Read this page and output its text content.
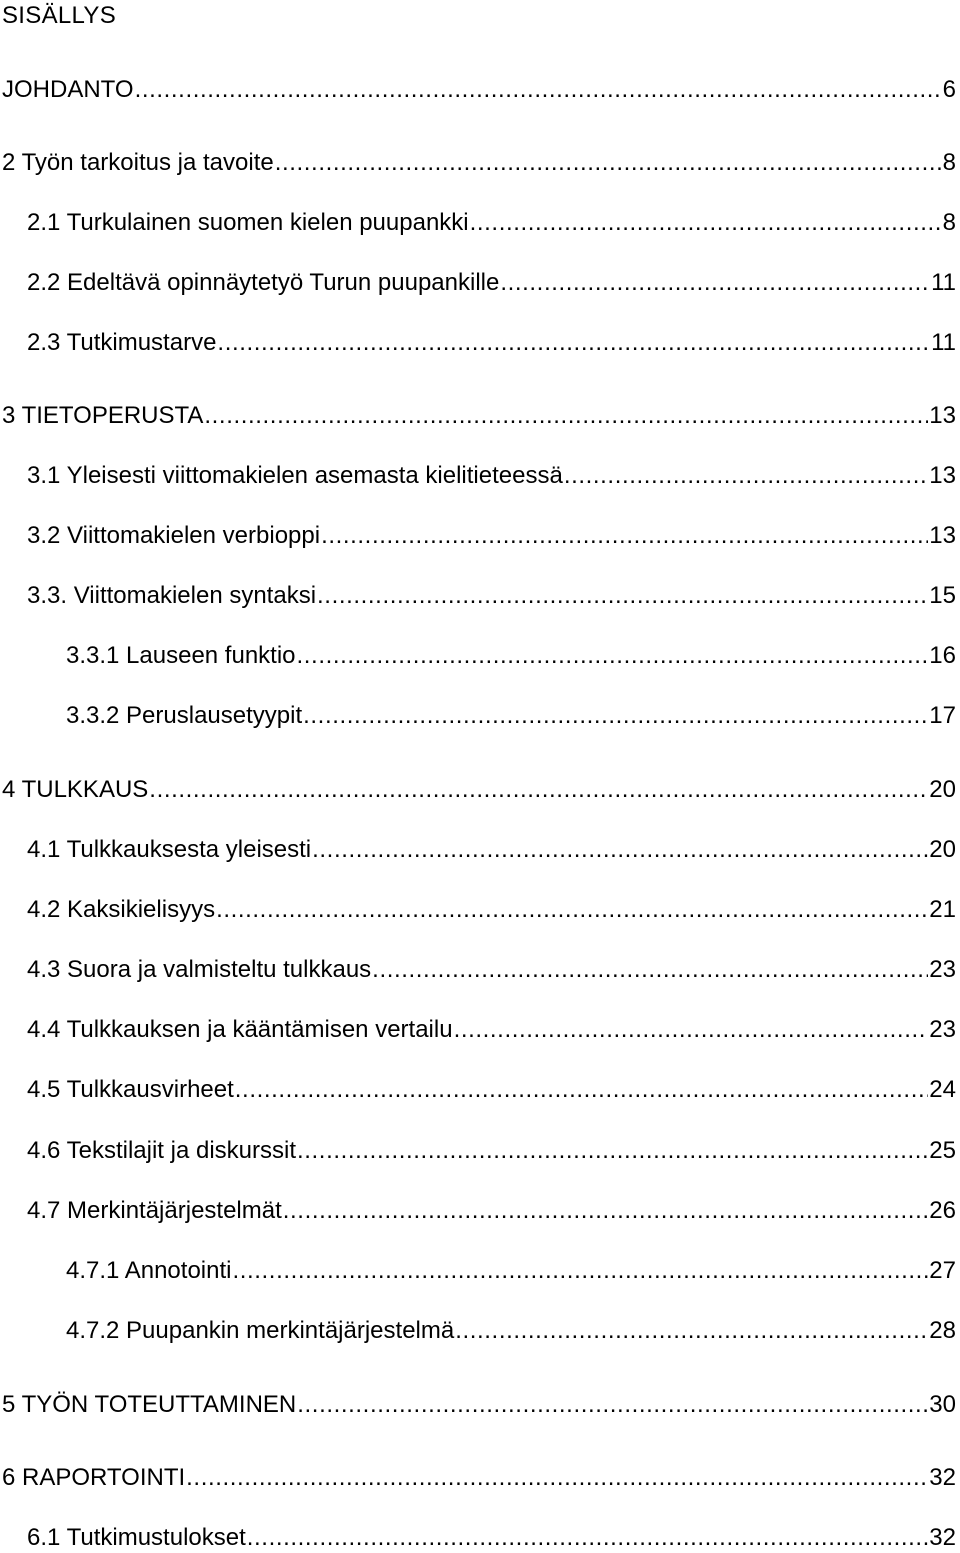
SISÄLLYS
JOHDANTO .....	6
2 Työn tarkoitus ja tavoite .....	8
2.1 Turkulainen suomen kielen puupankki .....	8
2.2 Edeltävä opinnäytetyö Turun puupankille .....	11
2.3 Tutkimustarve .....	11
3 TIETOPERUSTA .....	13
3.1 Yleisesti viittomakielen asemasta kielitieteessä .....	13
3.2 Viittomakielen verbioppi .....	13
3.3. Viittomakielen syntaksi .....	15
3.3.1 Lauseen funktio .....	16
3.3.2 Peruslausetyypit .....	17
4 TULKKAUS .....	20
4.1 Tulkkauksesta yleisesti .....	20
4.2 Kaksikielisyys .....	21
4.3 Suora ja valmisteltu tulkkaus .....	23
4.4 Tulkkauksen ja kääntämisen vertailu .....	23
4.5 Tulkkausvirheet .....	24
4.6 Tekstilajit ja diskurssit .....	25
4.7 Merkintäjärjestelmät .....	26
4.7.1 Annotointi .....	27
4.7.2 Puupankin merkintäjärjestelmä .....	28
5 TYÖN TOTEUTTAMINEN .....	30
6 RAPORTOINTI .....	32
6.1 Tutkimustulokset .....	32
